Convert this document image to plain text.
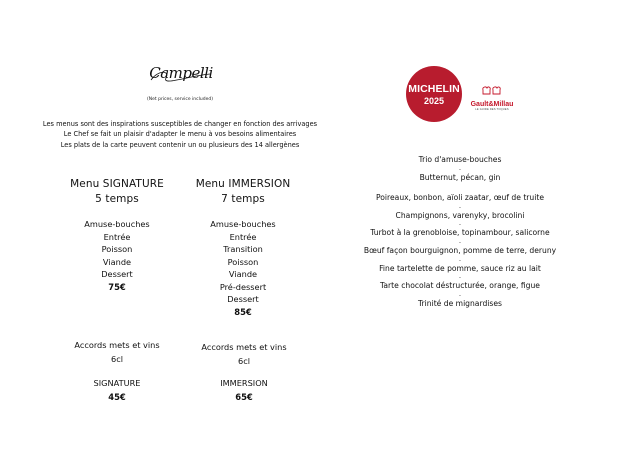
Campelli
(Net prices, service included)
Les menus sont des inspirations susceptibles de changer en fonction des arrivages
Le Chef se fait un plaisir d'adapter le menu à vos besoins alimentaires
Les plats de la carte peuvent contenir un ou plusieurs des 14 allergènes
Menu SIGNATURE
5 temps
Amuse-bouches
Entrée
Poisson
Viande
Dessert
75€
Menu IMMERSION
7 temps
Amuse-bouches
Entrée
Transition
Poisson
Viande
Pré-dessert
Dessert
85€
Accords mets et vins
6cl
SIGNATURE
45€
Accords mets et vins
6cl
IMMERSION
65€
MICHELIN
2025	Gault&Millau
LE GUIDE DES TOQUES
Trio d'amuse-bouches
-
Butternut, pécan, gin
Poireaux, bonbon, aïoli zaatar, œuf de truite
-
Champignons, varenyky, brocolini
-
Turbot à la grenobloise, topinambour, salicorne
-
Bœuf façon bourguignon, pomme de terre, deruny
-
Fine tartelette de pomme, sauce riz au lait
-
Tarte chocolat déstructurée, orange, figue
-
Trinité de mignardises
